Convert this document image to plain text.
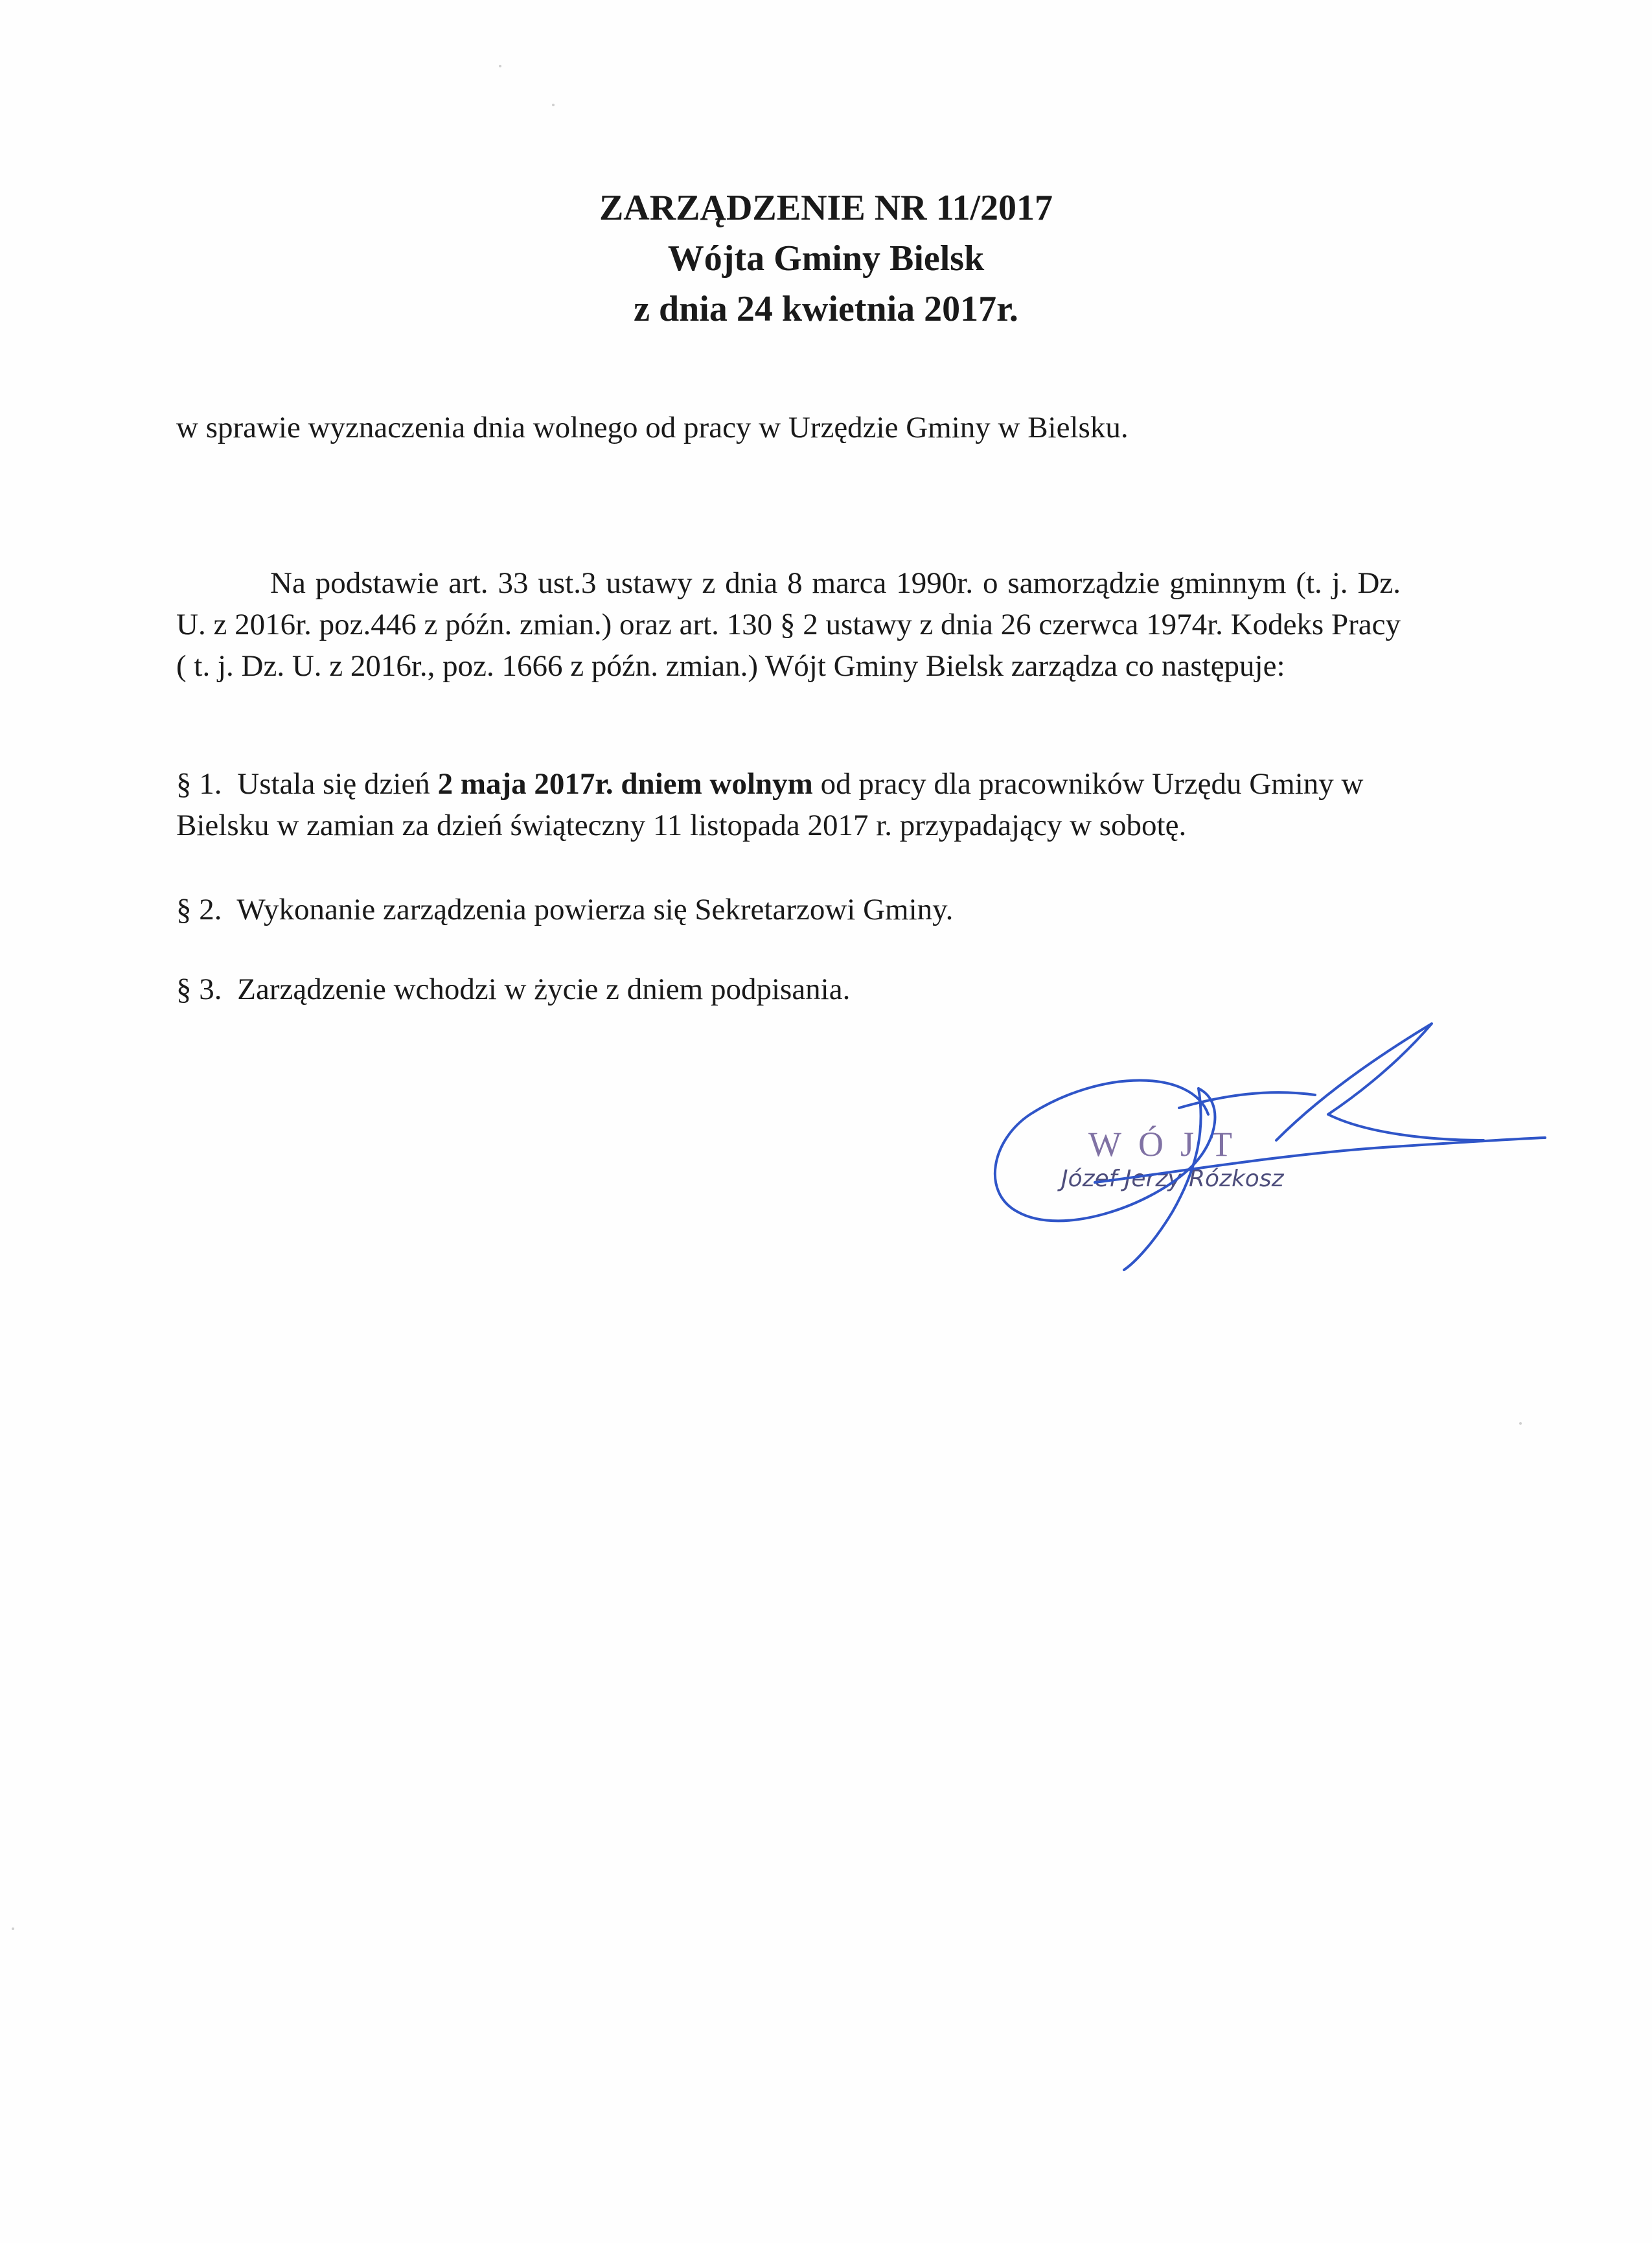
ZARZĄDZENIE NR 11/2017
Wójta Gminy Bielsk
z dnia 24 kwietnia 2017r.
w sprawie wyznaczenia dnia wolnego od pracy w Urzędzie Gminy w Bielsku.
Na podstawie art. 33 ust.3 ustawy z dnia 8 marca 1990r. o samorządzie gminnym (t. j. Dz. U. z 2016r. poz.446 z późn. zmian.) oraz art. 130 § 2 ustawy z dnia 26 czerwca 1974r. Kodeks Pracy ( t. j. Dz. U. z 2016r., poz. 1666 z późn. zmian.) Wójt Gminy Bielsk zarządza co następuje:
§ 1. Ustala się dzień 2 maja 2017r. dniem wolnym od pracy dla pracowników Urzędu Gminy w Bielsku w zamian za dzień świąteczny 11 listopada 2017 r. przypadający w sobotę.
§ 2. Wykonanie zarządzenia powierza się Sekretarzowi Gminy.
§ 3. Zarządzenie wchodzi w życie z dniem podpisania.
WÓJT
Józef Jerzy Rózkosz
